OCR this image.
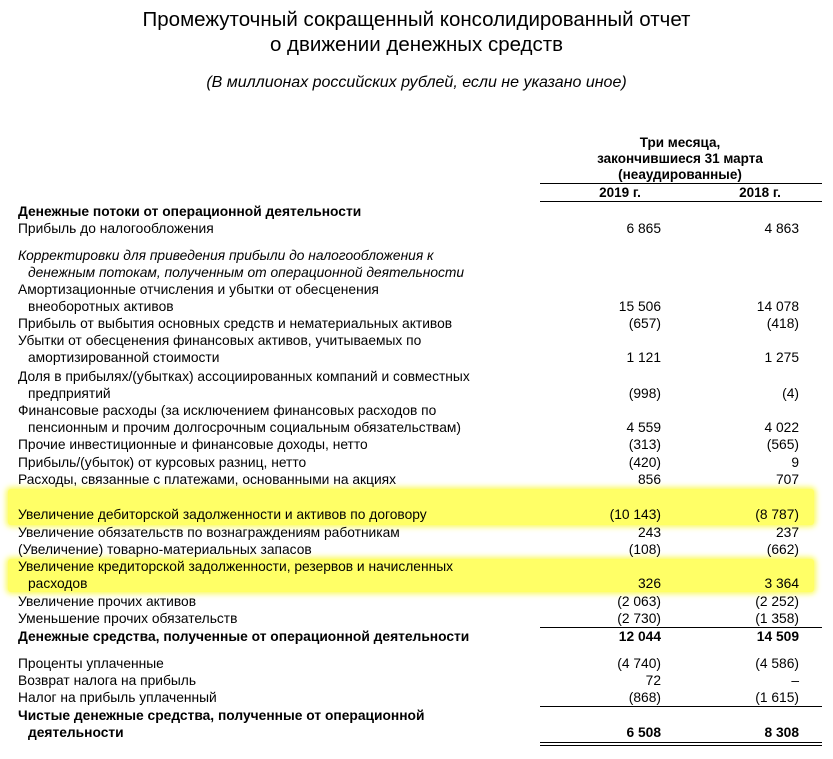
Промежуточный сокращенный консолидированный отчет
о движении денежных средств
(В миллионах российских рублей, если не указано иное)
Три месяца,
закончившиеся 31 марта
(неаудированные)
2019 г.	2018 г.
Денежные потоки от операционной деятельности
Прибыль до налогообложения	6 865	4 863
Корректировки для приведения прибыли до налогообложения к
денежным потокам, полученным от операционной деятельности
Амортизационные отчисления и убытки от обесценения
внеоборотных активов	15 506	14 078
Прибыль от выбытия основных средств и нематериальных активов	(657)	(418)
Убытки от обесценения финансовых активов, учитываемых по
амортизированной стоимости	1 121	1 275
Доля в прибылях/(убытках) ассоциированных компаний и совместных
предприятий	(998)	(4)
Финансовые расходы (за исключением финансовых расходов по
пенсионным и прочим долгосрочным социальным обязательствам)	4 559	4 022
Прочие инвестиционные и финансовые доходы, нетто	(313)	(565)
Прибыль/(убыток) от курсовых разниц, нетто	(420)	9
Расходы, связанные с платежами, основанными на акциях	856	707
Увеличение дебиторской задолженности и активов по договору	(10 143)	(8 787)
Увеличение обязательств по вознаграждениям работникам	243	237
(Увеличение) товарно-материальных запасов	(108)	(662)
Увеличение кредиторской задолженности, резервов и начисленных
расходов	326	3 364
Увеличение прочих активов	(2 063)	(2 252)
Уменьшение прочих обязательств	(2 730)	(1 358)
Денежные средства, полученные от операционной деятельности	12 044	14 509
Проценты уплаченные	(4 740)	(4 586)
Возврат налога на прибыль	72	–
Налог на прибыль уплаченный	(868)	(1 615)
Чистые денежные средства, полученные от операционной
деятельности	6 508	8 308
